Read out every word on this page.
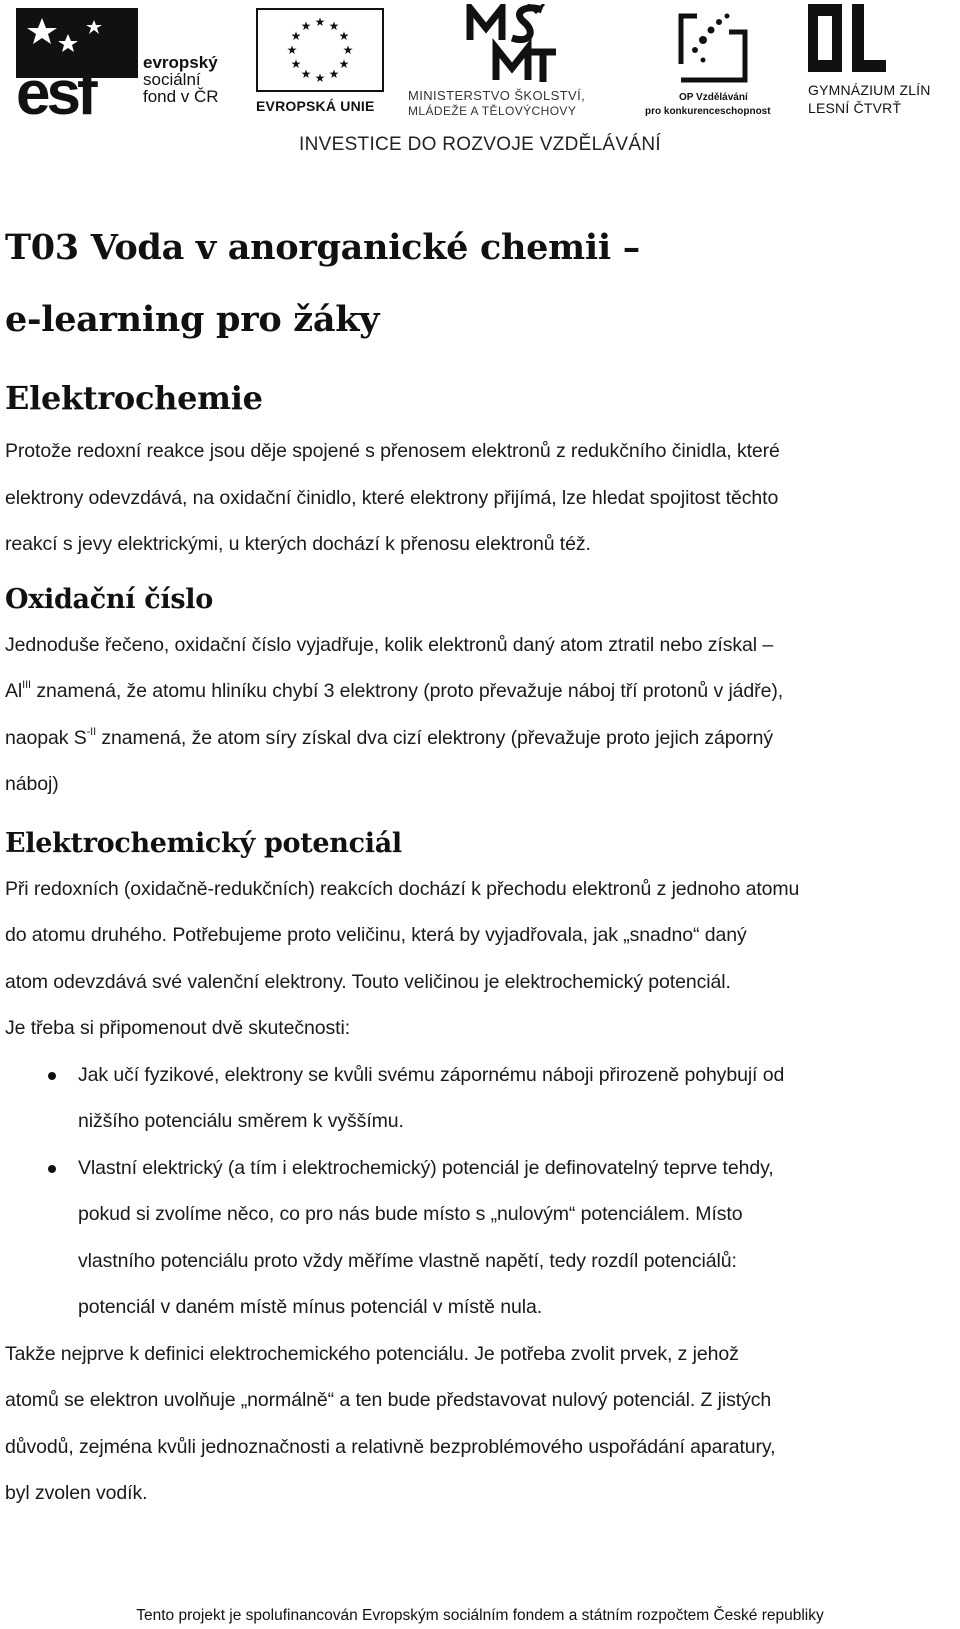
esf	evropský
sociální
fond v ČR
★ ★
★
★
★
★
★
★
★
★
★
★
EVROPSKÁ UNIE
MINISTERSTVO ŠKOLSTVÍ,
MLÁDEŽE A TĚLOVÝCHOVY
OP Vzdělávání
pro konkurenceschopnost
GYMNÁZIUM ZLÍN
LESNÍ ČTVRŤ
INVESTICE DO ROZVOJE VZDĚLÁVÁNÍ
T03 Voda v anorganické chemii –
e-learning pro žáky
Elektrochemie

Protože redoxní reakce jsou děje spojené s přenosem elektronů z redukčního činidla, které
elektrony odevzdává, na oxidační činidlo, které elektrony přijímá, lze hledat spojitost těchto
reakcí s jevy elektrickými, u kterých dochází k přenosu elektronů též.

Oxidační číslo

Jednoduše řečeno, oxidační číslo vyjadřuje, kolik elektronů daný atom ztratil nebo získal –
$Al^{III}$ znamená, že atomu hliníku chybí 3 elektrony (proto převažuje náboj tří protonů v jádře),
naopak $S^{-II}$ znamená, že atom síry získal dva cizí elektrony (převažuje proto jejich záporný
náboj)

Elektrochemický potenciál

Při redoxních (oxidačně-redukčních) reakcích dochází k přechodu elektronů z jednoho atomu
do atomu druhého. Potřebujeme proto veličinu, která by vyjadřovala, jak „snadno“ daný
atom odevzdává své valenční elektrony. Touto veličinou je elektrochemický potenciál.
Je třeba si připomenout dvě skutečnosti:

Jak učí fyzikové, elektrony se kvůli svému zápornému náboji přirozeně pohybují od
nižšího potenciálu směrem k vyššímu.
Vlastní elektrický (a tím i elektrochemický) potenciál je definovatelný teprve tehdy,
pokud si zvolíme něco, co pro nás bude místo s „nulovým“ potenciálem. Místo
vlastního potenciálu proto vždy měříme vlastně napětí, tedy rozdíl potenciálů:
potenciál v daném místě mínus potenciál v místě nula.

Takže nejprve k definici elektrochemického potenciálu. Je potřeba zvolit prvek, z jehož
atomů se elektron uvolňuje „normálně“ a ten bude představovat nulový potenciál. Z jistých
důvodů, zejména kvůli jednoznačnosti a relativně bezproblémového uspořádání aparatury,
byl zvolen vodík.

Tento projekt je spolufinancován Evropským sociálním fondem a státním rozpočtem České republiky
